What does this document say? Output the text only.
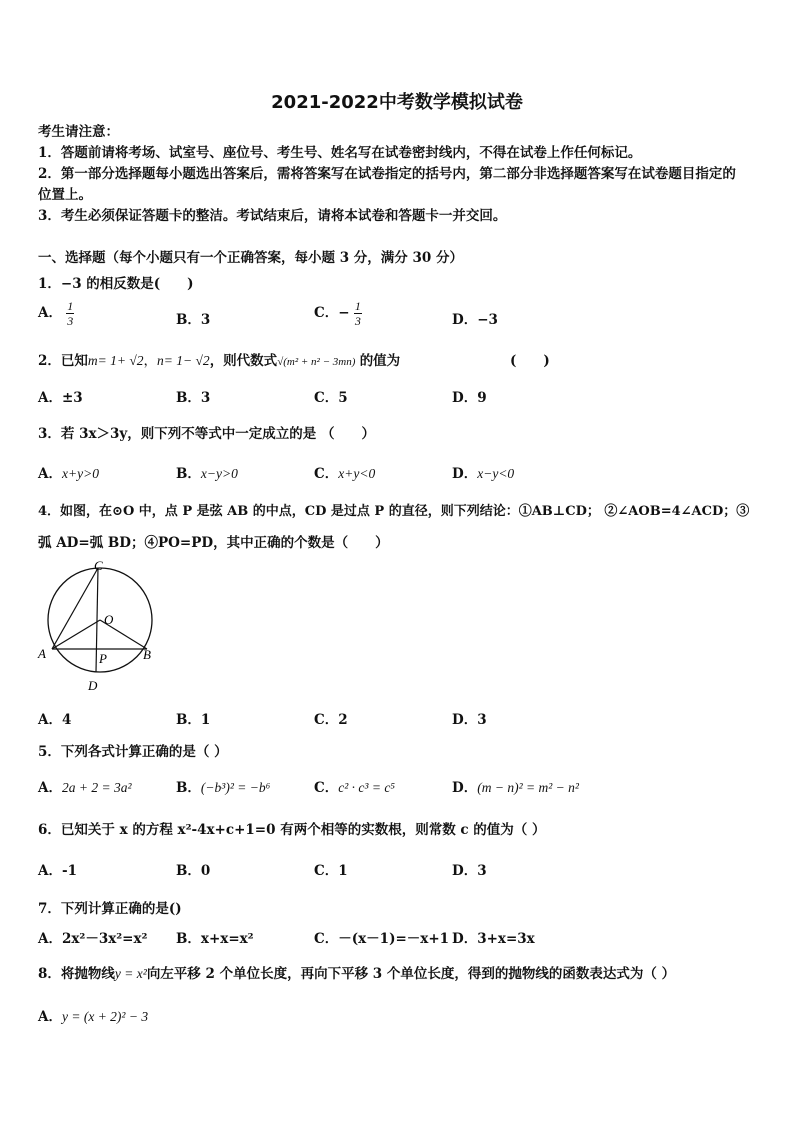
2021-2022中考数学模拟试卷
考生请注意：
1．答题前请将考场、试室号、座位号、考生号、姓名写在试卷密封线内，不得在试卷上作任何标记。
2．第一部分选择题每小题选出答案后，需将答案写在试卷指定的括号内，第二部分非选择题答案写在试卷题目指定的
位置上。
3．考生必须保证答题卡的整洁。考试结束后，请将本试卷和答题卡一并交回。
一、选择题（每个小题只有一个正确答案，每小题 3 分，满分 30 分）
1．−3 的相反数是(　　)
A． $\frac{1}{3}$	B．3	C．− $\frac{1}{3}$	D．−3
2．已知m= 1+ √2，n= 1− √2，则代数式√(m² + n² − 3mn) 的值为	(　　)
A．±3	B．3	C．5	D．9
3．若 3x＞3y，则下列不等式中一定成立的是 （　　）
A．x+y>0	B．x−y>0	C．x+y<0	D．x−y<0
4．如图，在⊙O 中，点 P 是弦 AB 的中点，CD 是过点 P 的直径，则下列结论：①AB⊥CD； ②∠AOB=4∠ACD；③
弧 AD=弧 BD；④PO=PD，其中正确的个数是（　　）
C
O
A	B
P
D
A．4	B．1	C．2	D．3
5．下列各式计算正确的是（ ）
A．2a + 2 = 3a²	B．(−b³)² = −b⁶	C．c² · c³ = c⁵	D．(m − n)² = m² − n²
6．已知关于 x 的方程 x²-4x+c+1=0 有两个相等的实数根，则常数 c 的值为（ ）
A．-1	B．0	C．1	D．3
7．下列计算正确的是()
A．2x²－3x²=x² B．x+x=x²	C．－(x－1)=－x+1 D．3+x=3x
8．将抛物线y = x²向左平移 2 个单位长度，再向下平移 3 个单位长度，得到的抛物线的函数表达式为（ ）
A．y = (x + 2)² − 3
